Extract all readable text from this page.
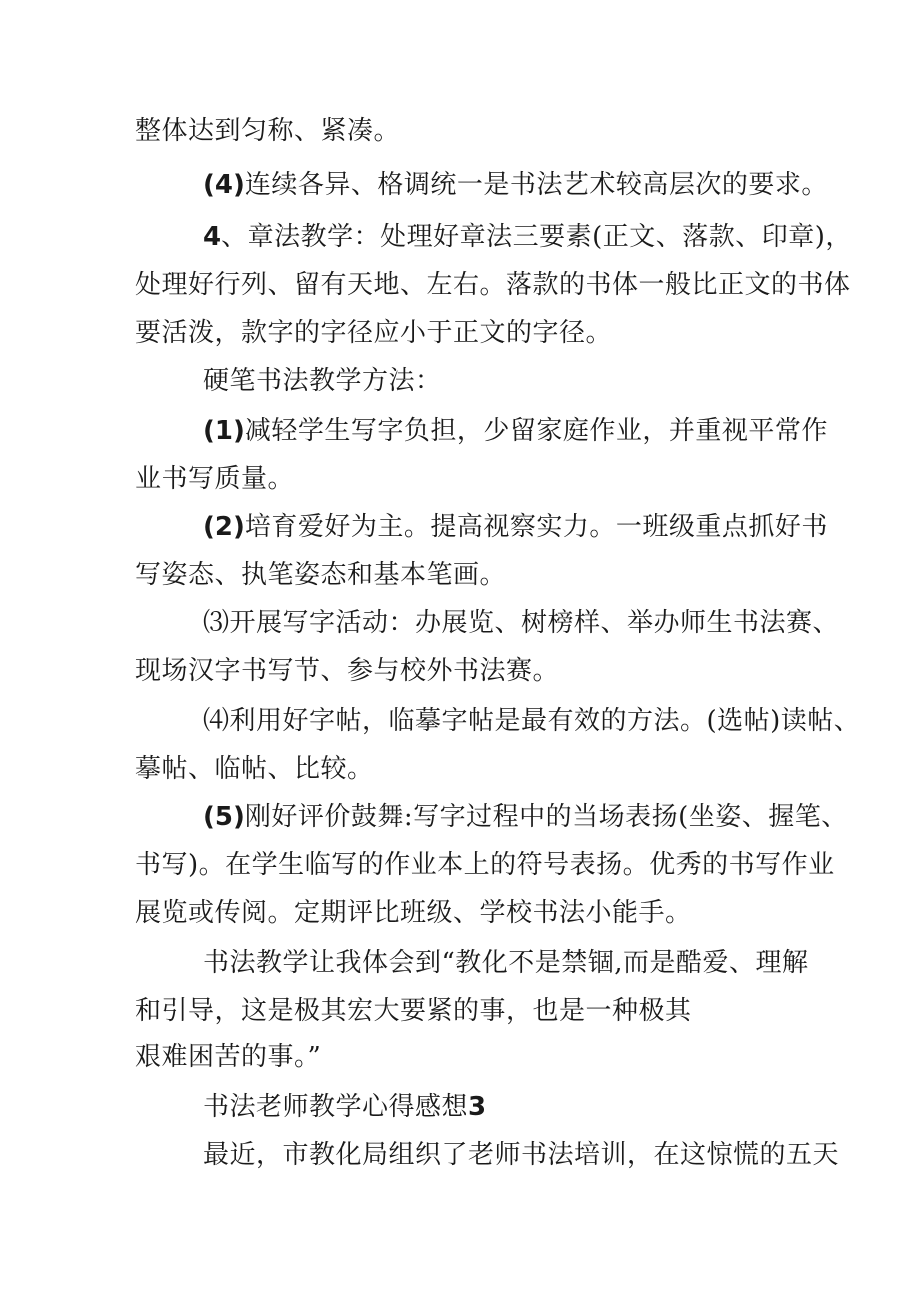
整体达到匀称、紧凑。

(4)连续各异、格调统一是书法艺术较高层次的要求。

4、章法教学：处理好章法三要素(正文、落款、印章)，

处理好行列、留有天地、左右。落款的书体一般比正文的书体

要活泼，款字的字径应小于正文的字径。

硬笔书法教学方法：

(1)减轻学生写字负担，少留家庭作业，并重视平常作

业书写质量。

(2)培育爱好为主。提高视察实力。一班级重点抓好书

写姿态、执笔姿态和基本笔画。

⑶开展写字活动：办展览、树榜样、举办师生书法赛、

现场汉字书写节、参与校外书法赛。

⑷利用好字帖，临摹字帖是最有效的方法。(选帖)读帖、

摹帖、临帖、比较。

(5)刚好评价鼓舞:写字过程中的当场表扬(坐姿、握笔、

书写)。在学生临写的作业本上的符号表扬。优秀的书写作业

展览或传阅。定期评比班级、学校书法小能手。

书法教学让我体会到“教化不是禁锢,而是酷爱、理解

和引导，这是极其宏大要紧的事，也是一种极其

艰难困苦的事。”

书法老师教学心得感想3

最近，市教化局组织了老师书法培训，在这惊慌的五天
